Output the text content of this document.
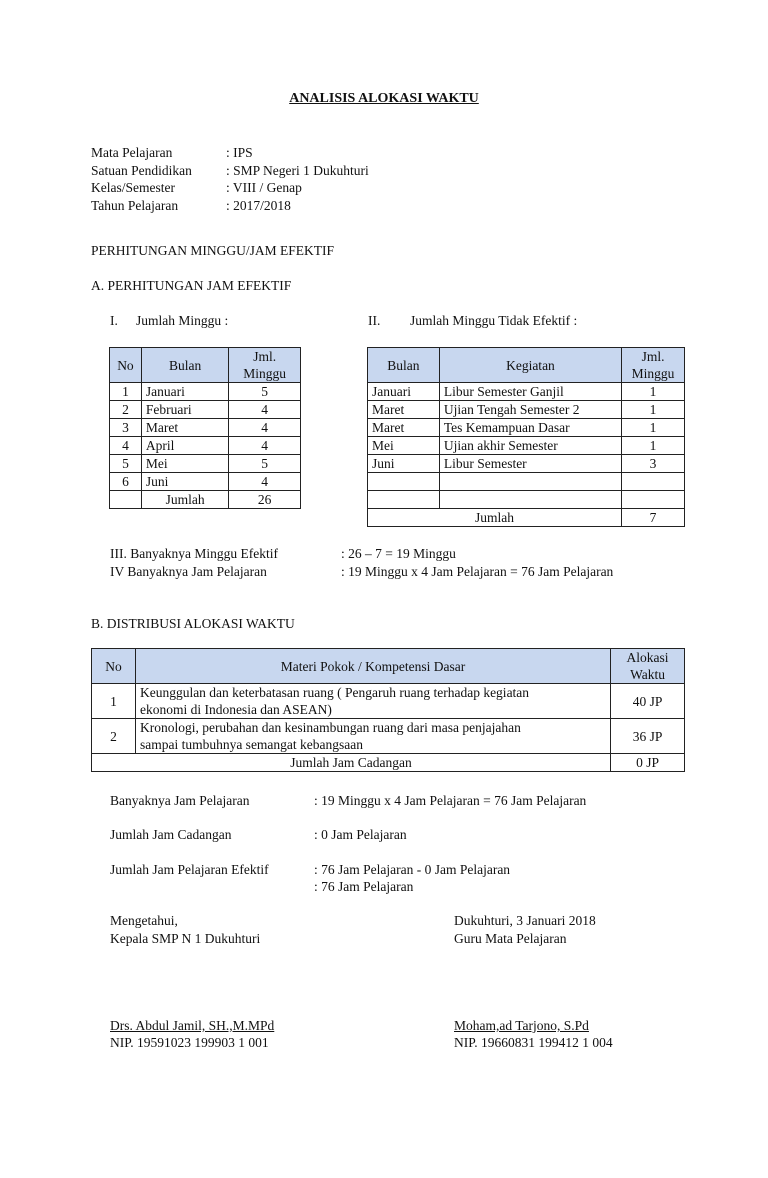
ANALISIS ALOKASI WAKTU
Mata Pelajaran	: IPS
Satuan Pendidikan	: SMP Negeri 1 Dukuhturi
Kelas/Semester	: VIII / Genap
Tahun Pelajaran	: 2017/2018
PERHITUNGAN MINGGU/JAM EFEKTIF
A. PERHITUNGAN JAM EFEKTIF
I. Jumlah Minggu :	II. Jumlah Minggu Tidak Efektif :
No	Bulan	Jml.
Minggu
1	Januari	5
2	Februari	4
3	Maret	4
4	April	4
5	Mei	5
6	Juni	4
	Jumlah	26
Bulan	Kegiatan	Jml.
Minggu
Januari	Libur Semester Ganjil	1
Maret	Ujian Tengah Semester 2	1
Maret	Tes Kemampuan Dasar	1
Mei	Ujian akhir Semester	1
Juni	Libur Semester	3

Jumlah		7
III. Banyaknya Minggu Efektif	: 26 – 7 = 19 Minggu
IV Banyaknya Jam Pelajaran	: 19 Minggu x 4 Jam Pelajaran = 76 Jam Pelajaran
B. DISTRIBUSI ALOKASI WAKTU
No	Materi Pokok / Kompetensi Dasar	Alokasi
Waktu
1	Keunggulan dan keterbatasan ruang ( Pengaruh ruang terhadap kegiatan
ekonomi di Indonesia dan ASEAN)	40 JP
2	Kronologi, perubahan dan kesinambungan ruang dari masa penjajahan
sampai tumbuhnya semangat kebangsaan	36 JP
Jumlah Jam Cadangan		0 JP
Banyaknya Jam Pelajaran	: 19 Minggu x 4 Jam Pelajaran = 76 Jam Pelajaran
Jumlah Jam Cadangan	: 0 Jam Pelajaran
Jumlah Jam Pelajaran Efektif	: 76 Jam Pelajaran - 0 Jam Pelajaran
: 76 Jam Pelajaran
Mengetahui,
Kepala SMP N 1 Dukuhturi
Drs. Abdul Jamil, SH.,M.MPd
NIP. 19591023 199903 1 001
Dukuhturi, 3 Januari 2018
Guru Mata Pelajaran
Moham,ad Tarjono, S.Pd
NIP. 19660831 199412 1 004
